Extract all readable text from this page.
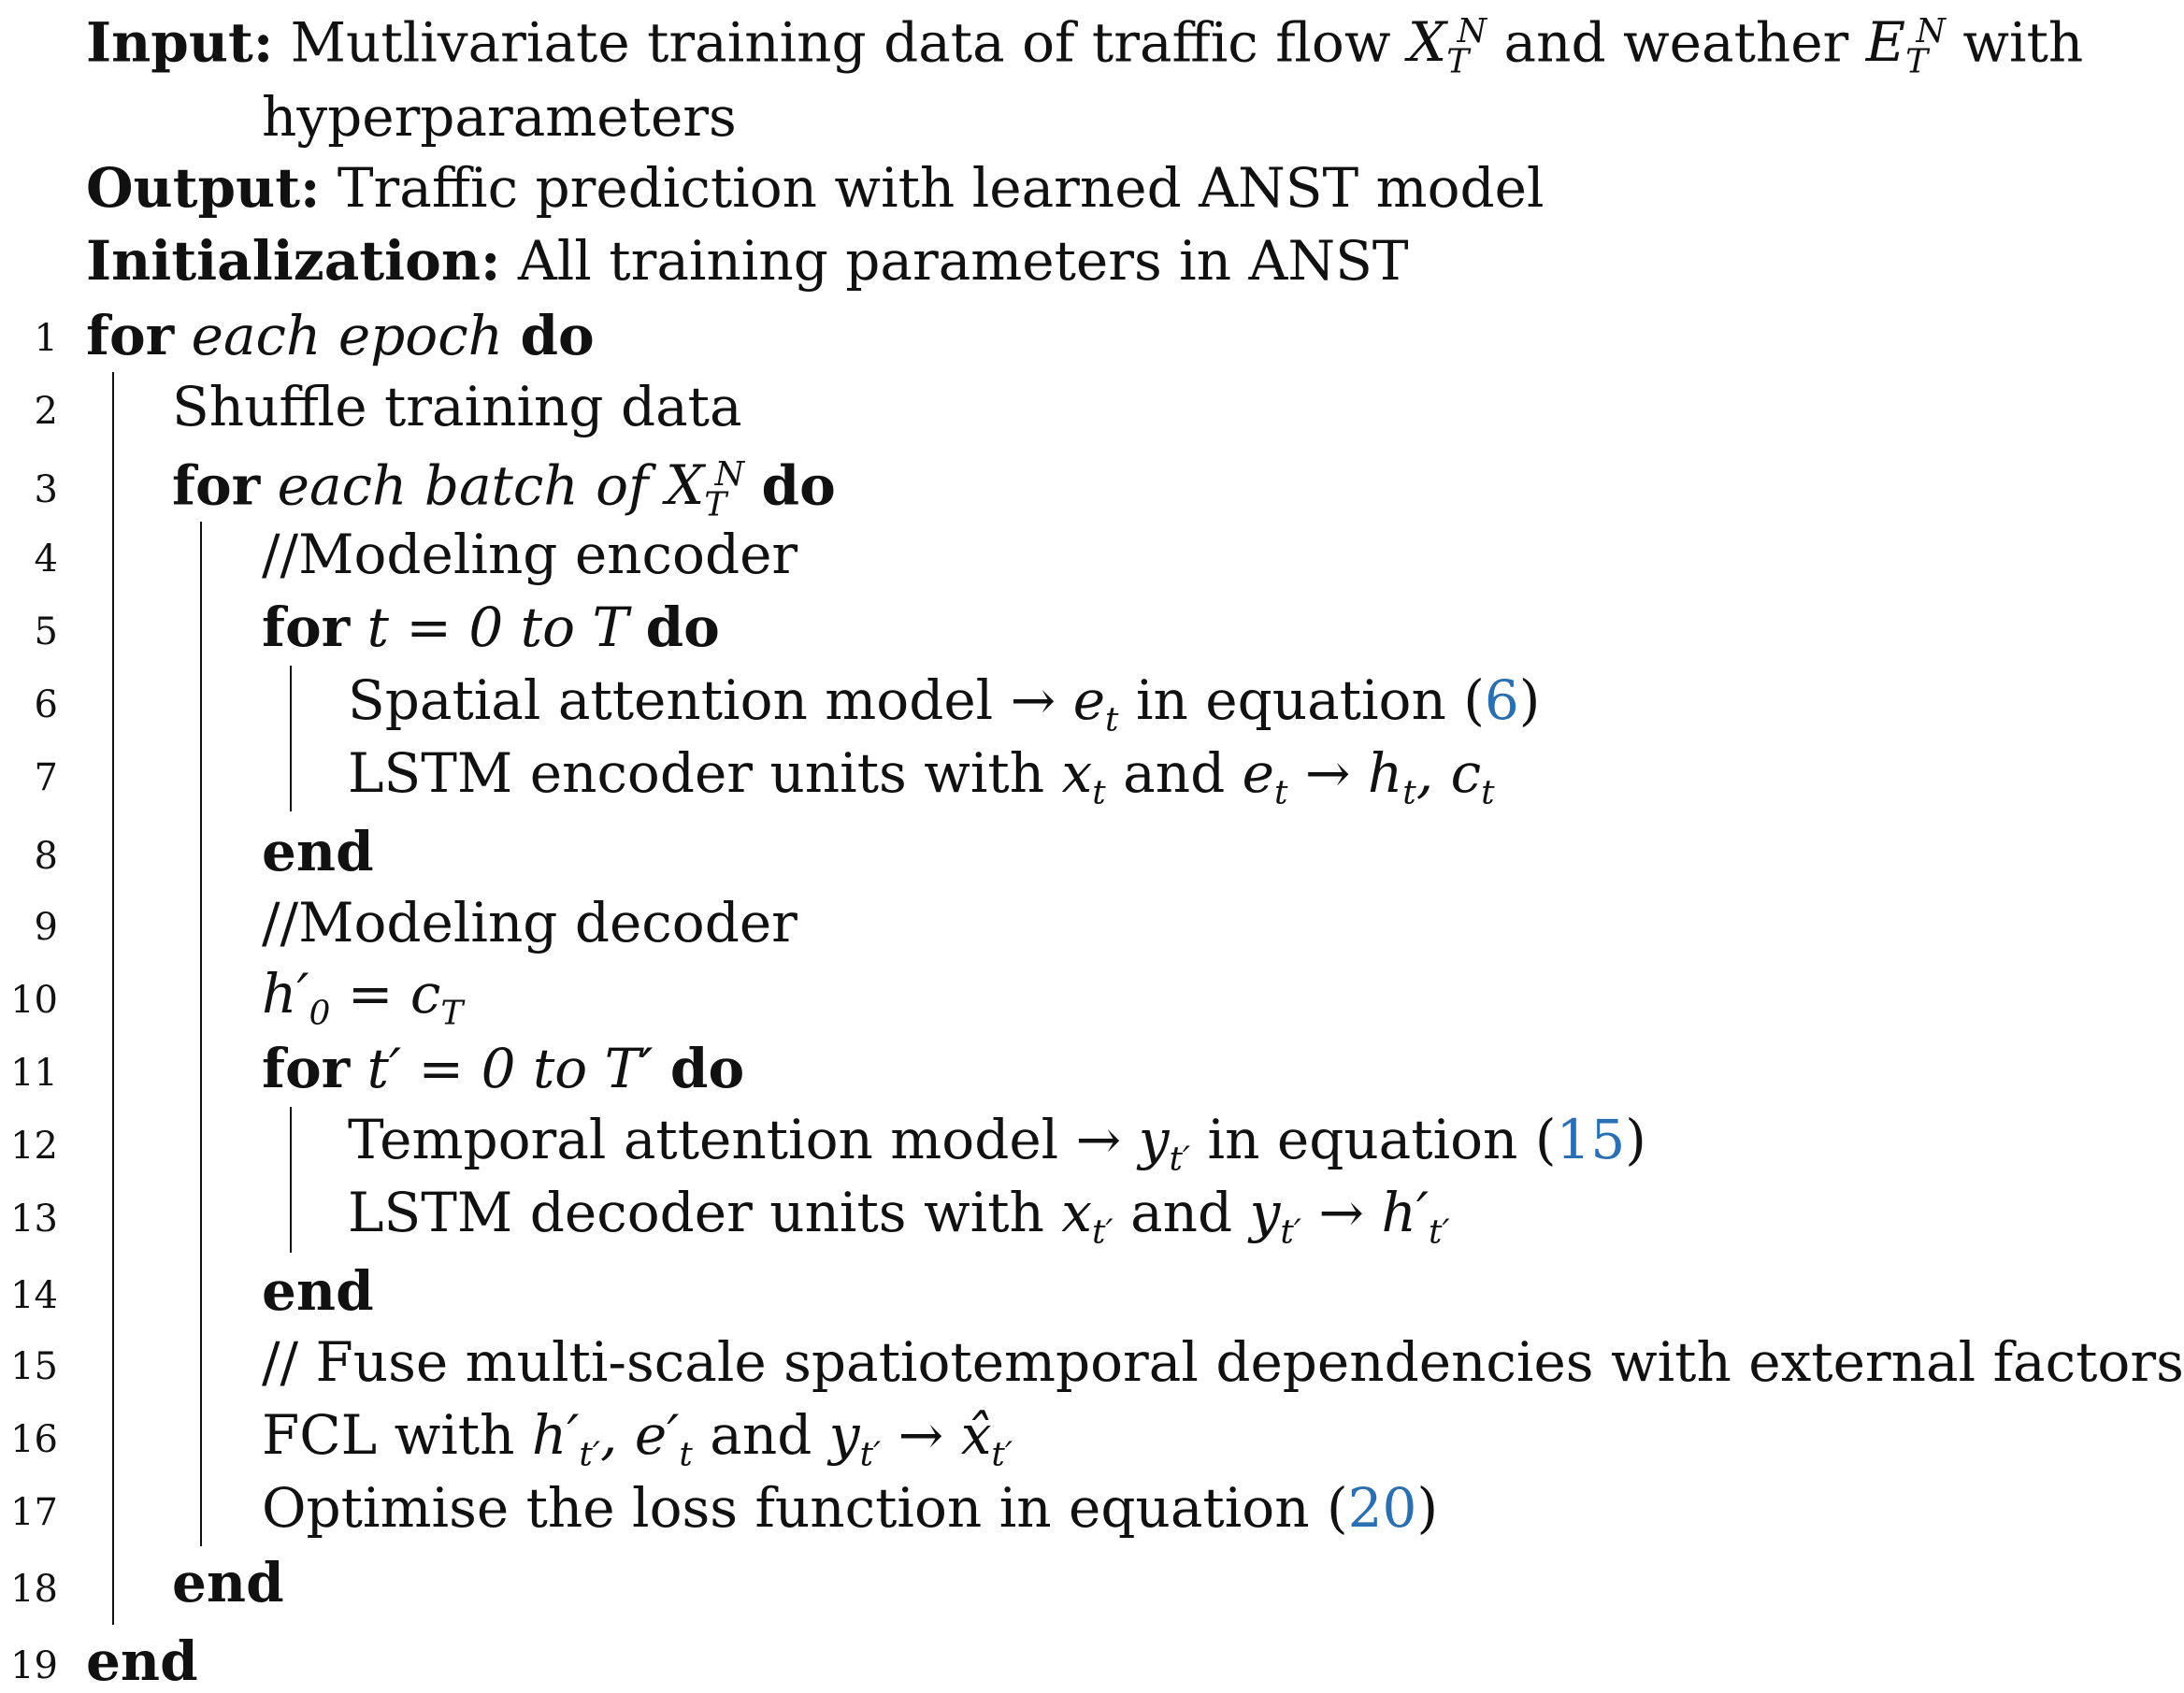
Input: Mutlivariate training data of traffic flow $X_T^N$ and weather $E_T^N$ with
hyperparameters
Output: Traffic prediction with learned ANST model
Initialization: All training parameters in ANST
1
2
3
4
5
6
7
8
9
10
11
12
13
14
15
16
17
18
19
for each epoch do
Shuffle training data
for each batch of $X_T^N$ do
//Modeling encoder
for t = 0 to T do
Spatial attention model → $e_t$ in equation (6)
LSTM encoder units with $x_t$ and $e_t \to h_t$, $c_t$
end
//Modeling decoder
$h'_0 = c_T$
for t′ = 0 to T′ do
Temporal attention model → $y_{t'}$ in equation (15)
LSTM decoder units with $x_{t'}$ and $y_{t'} \to h'_{t'}$
end
// Fuse multi-scale spatiotemporal dependencies with external factors
FCL with $h'_{t'}$, $e'_t$ and $y_{t'}$ → $x̂_{t'}$
Optimise the loss function in equation (20)
end
end
